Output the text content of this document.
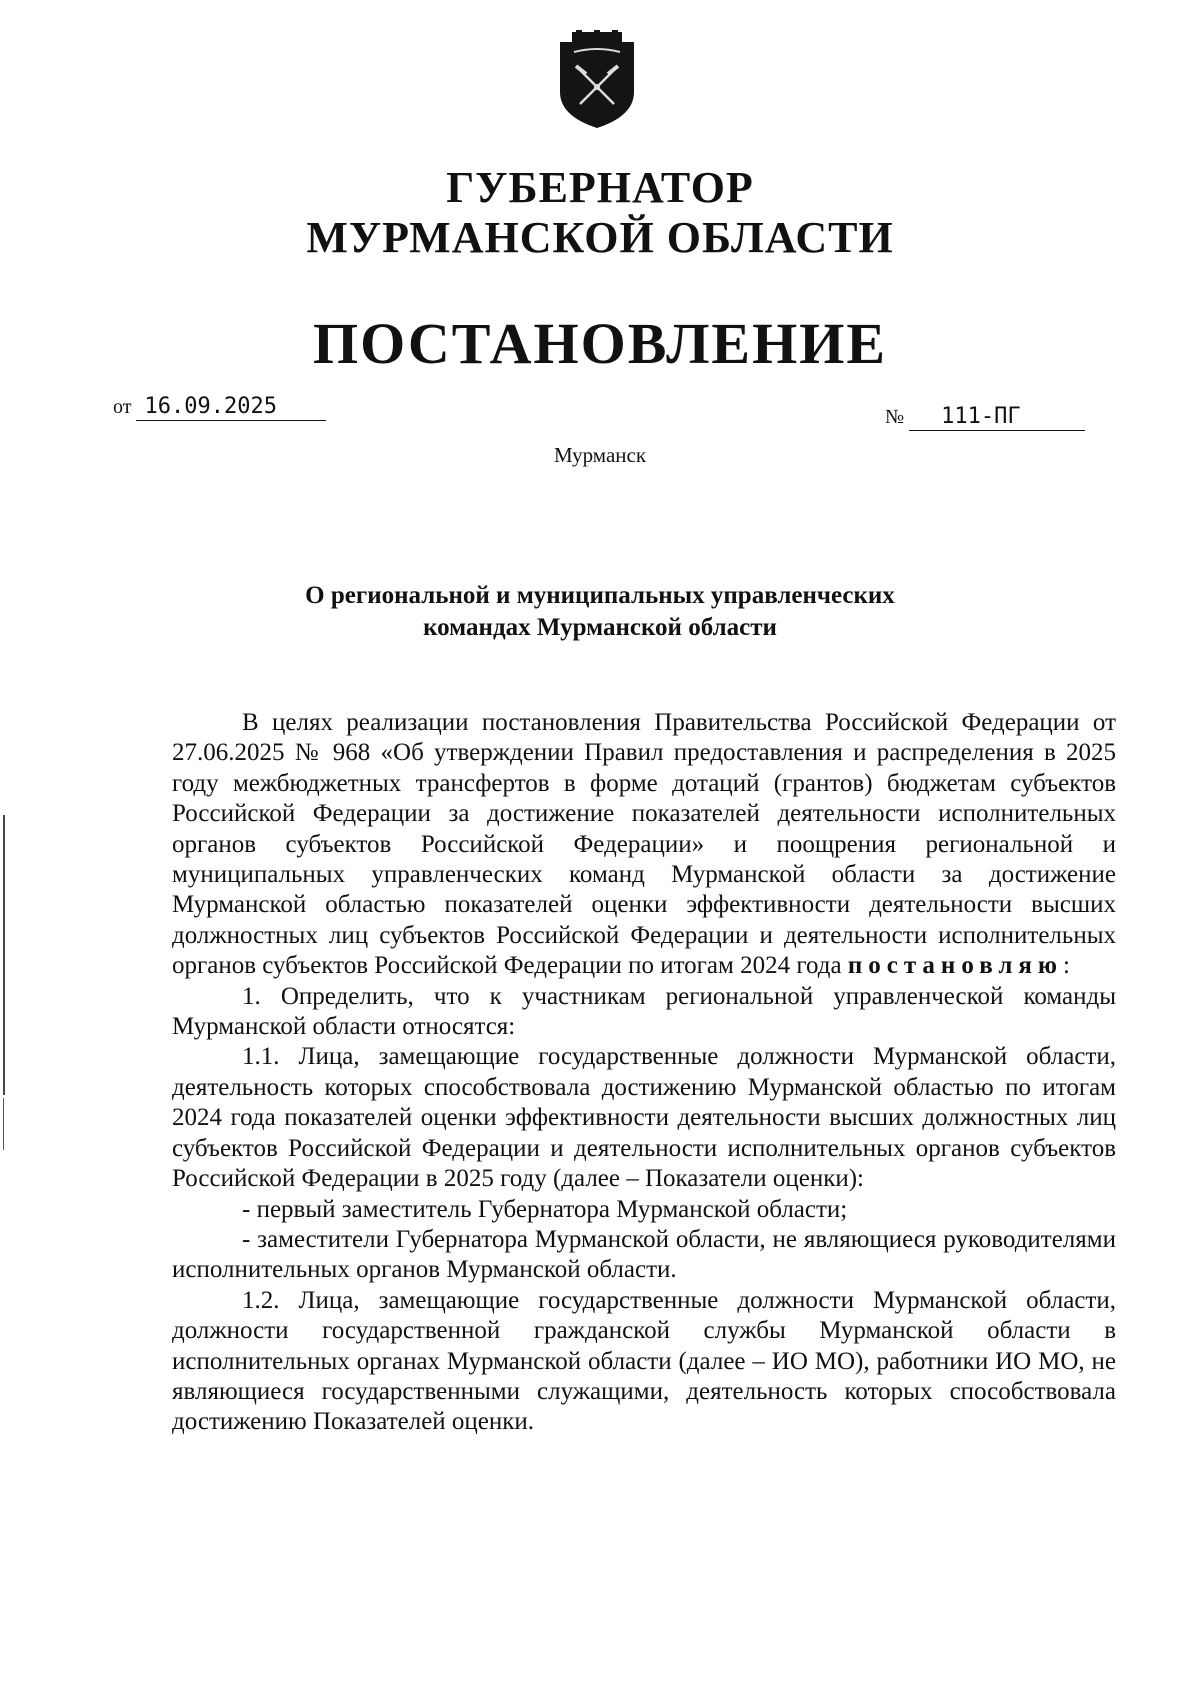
ГУБЕРНАТОР
МУРМАНСКОЙ ОБЛАСТИ
ПОСТАНОВЛЕНИЕ
от 16.09.2025	№ 111-ПГ
Мурманск
О региональной и муниципальных управленческих
командах Мурманской области

В целях реализации постановления Правительства Российской Федерации от 27.06.2025 № 968 «Об утверждении Правил предоставления и распределения в 2025 году межбюджетных трансфертов в форме дотаций (грантов) бюджетам субъектов Российской Федерации за достижение показателей деятельности исполнительных органов субъектов Российской Федерации» и поощрения региональной и муниципальных управленческих команд Мурманской области за достижение Мурманской областью показателей оценки эффективности деятельности высших должностных лиц субъектов Российской Федерации и деятельности исполнительных органов субъектов Российской Федерации по итогам 2024 года постановляю:

1. Определить, что к участникам региональной управленческой команды Мурманской области относятся:

1.1. Лица, замещающие государственные должности Мурманской области, деятельность которых способствовала достижению Мурманской областью по итогам 2024 года показателей оценки эффективности деятельности высших должностных лиц субъектов Российской Федерации и деятельности исполнительных органов субъектов Российской Федерации в 2025 году (далее – Показатели оценки):

- первый заместитель Губернатора Мурманской области;

- заместители Губернатора Мурманской области, не являющиеся руководителями исполнительных органов Мурманской области.

1.2. Лица, замещающие государственные должности Мурманской области, должности государственной гражданской службы Мурманской области в исполнительных органах Мурманской области (далее – ИО МО), работники ИО МО, не являющиеся государственными служащими, деятельность которых способствовала достижению Показателей оценки.
